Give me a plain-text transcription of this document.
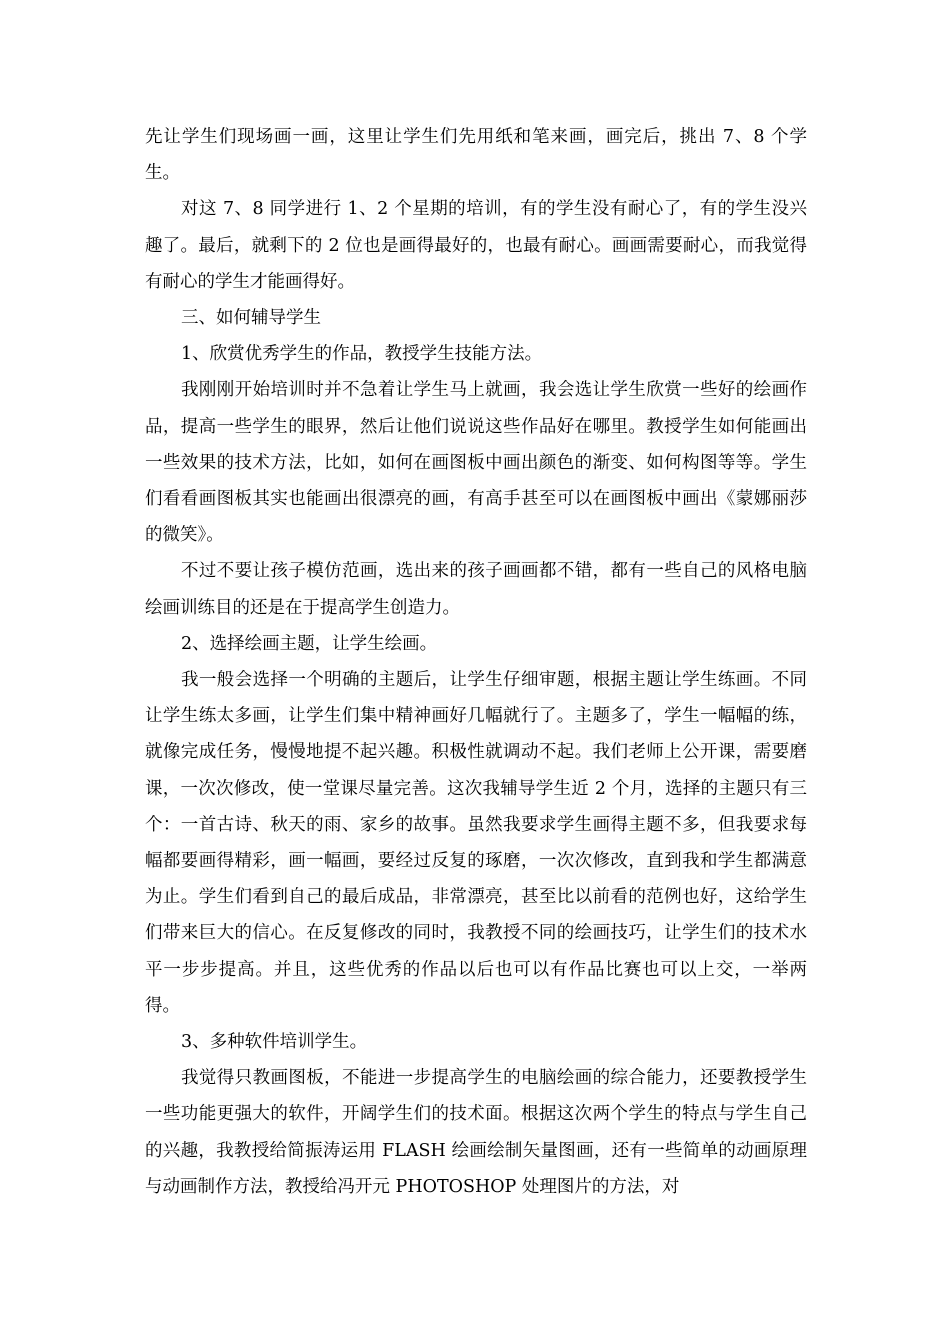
先让学生们现场画一画，这里让学生们先用纸和笔来画，画完后，挑出 7、8 个学生。

对这 7、8 同学进行 1、2 个星期的培训，有的学生没有耐心了，有的学生没兴趣了。最后，就剩下的 2 位也是画得最好的，也最有耐心。画画需要耐心，而我觉得有耐心的学生才能画得好。

三、如何辅导学生

1、欣赏优秀学生的作品，教授学生技能方法。

我刚刚开始培训时并不急着让学生马上就画，我会选让学生欣赏一些好的绘画作品，提高一些学生的眼界，然后让他们说说这些作品好在哪里。教授学生如何能画出一些效果的技术方法，比如，如何在画图板中画出颜色的渐变、如何构图等等。学生们看看画图板其实也能画出很漂亮的画，有高手甚至可以在画图板中画出《蒙娜丽莎的微笑》。

不过不要让孩子模仿范画，选出来的孩子画画都不错，都有一些自己的风格电脑绘画训练目的还是在于提高学生创造力。

2、选择绘画主题，让学生绘画。

我一般会选择一个明确的主题后，让学生仔细审题，根据主题让学生练画。不同让学生练太多画，让学生们集中精神画好几幅就行了。主题多了，学生一幅幅的练，就像完成任务，慢慢地提不起兴趣。积极性就调动不起。我们老师上公开课，需要磨课，一次次修改，使一堂课尽量完善。这次我辅导学生近 2 个月，选择的主题只有三个：一首古诗、秋天的雨、家乡的故事。虽然我要求学生画得主题不多，但我要求每幅都要画得精彩，画一幅画，要经过反复的琢磨，一次次修改，直到我和学生都满意为止。学生们看到自己的最后成品，非常漂亮，甚至比以前看的范例也好，这给学生们带来巨大的信心。在反复修改的同时，我教授不同的绘画技巧，让学生们的技术水平一步步提高。并且，这些优秀的作品以后也可以有作品比赛也可以上交，一举两得。

3、多种软件培训学生。

我觉得只教画图板，不能进一步提高学生的电脑绘画的综合能力，还要教授学生一些功能更强大的软件，开阔学生们的技术面。根据这次两个学生的特点与学生自己的兴趣，我教授给简振涛运用 FLASH 绘画绘制矢量图画，还有一些简单的动画原理与动画制作方法，教授给冯开元 PHOTOSHOP 处理图片的方法，对
